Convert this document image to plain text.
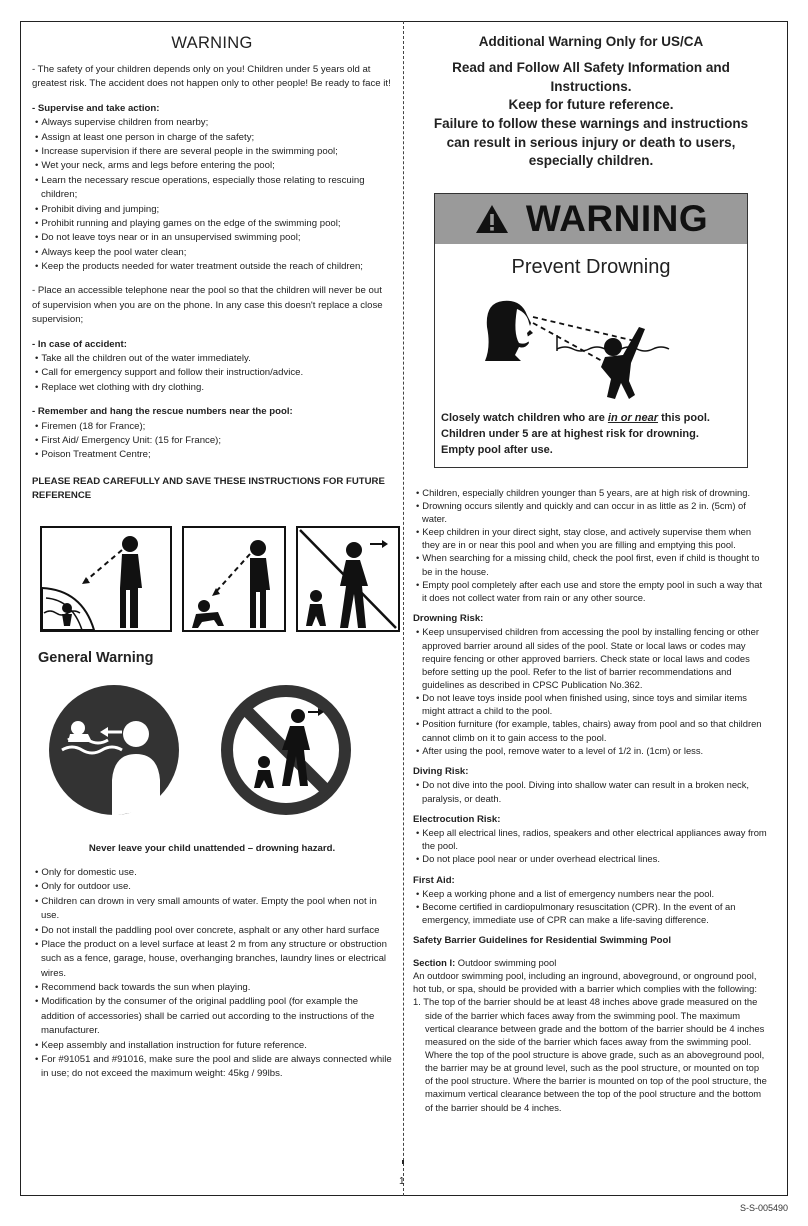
WARNING

- The safety of your children depends only on you! Children under 5 years old at greatest risk. The accident does not happen only to other people! Be ready to face it!

- Supervise and take action:

• Always supervise children from nearby;
• Assign at least one person in charge of the safety;
• Increase supervision if there are several people in the swimming pool;
• Wet your neck, arms and legs before entering the pool;
• Learn the necessary rescue operations, especially those relating to rescuing children;
• Prohibit diving and jumping;
• Prohibit running and playing games on the edge of the swimming pool;
• Do not leave toys near or in an unsupervised swimming pool;
• Always keep the pool water clean;
• Keep the products needed for water treatment outside the reach of children;

- Place an accessible telephone near the pool so that the children will never be out of supervision when you are on the phone. In any case this doesn't replace a close supervision;

- In case of accident:

• Take all the children out of the water immediately.
• Call for emergency support and follow their instruction/advice.
• Replace wet clothing with dry clothing.

- Remember and hang the rescue numbers near the pool:

• Firemen (18 for France);
• First Aid/ Emergency Unit: (15 for France);
• Poison Treatment Centre;

PLEASE READ CAREFULLY AND SAVE THESE INSTRUCTIONS FOR FUTURE REFERENCE

General Warning

Never leave your child unattended – drowning hazard.

• Only for domestic use.
• Only for outdoor use.
• Children can drown in very small amounts of water. Empty the pool when not in use.
• Do not install the paddling pool over concrete, asphalt or any other hard surface
• Place the product on a level surface at least 2 m from any structure or obstruction such as a fence, garage, house, overhanging branches, laundry lines or electrical wires.
• Recommend back towards the sun when playing.
• Modification by the consumer of the original paddling pool (for example the addition of accessories) shall be carried out according to the instructions of the manufacturer.
• Keep assembly and installation instruction for future reference.
• For #91051 and #91016, make sure the pool and slide are always connected while in use; do not exceed the maximum weight: 45kg / 99lbs.
Additional Warning Only for US/CA

Read and Follow All Safety Information and

Instructions.

Keep for future reference.

Failure to follow these warnings and instructions

can result in serious injury or death to users,

especially children.

WARNING
Prevent Drowning
Closely watch children who are in or near this pool.
Children under 5 are at highest risk for drowning.
Empty pool after use.
• Children, especially children younger than 5 years, are at high risk of drowning.
• Drowning occurs silently and quickly and can occur in as little as 2 in. (5cm) of water.
• Keep children in your direct sight, stay close, and actively supervise them when they are in or near this pool and when you are filling and emptying this pool.
• When searching for a missing child, check the pool first, even if child is thought to be in the house.
• Empty pool completely after each use and store the empty pool in such a way that it does not collect water from rain or any other source.

Drowning Risk:

• Keep unsupervised children from accessing the pool by installing fencing or other approved barrier around all sides of the pool. State or local laws or codes may require fencing or other approved barriers. Check state or local laws and codes before setting up the pool. Refer to the list of barrier recommendations and guidelines as described in CPSC Publication No.362.
• Do not leave toys inside pool when finished using, since toys and similar items might attract a child to the pool.
• Position furniture (for example, tables, chairs) away from pool and so that children cannot climb on it to gain access to the pool.
• After using the pool, remove water to a level of 1/2 in. (1cm) or less.

Diving Risk:

• Do not dive into the pool. Diving into shallow water can result in a broken neck, paralysis, or death.

Electrocution Risk:

• Keep all electrical lines, radios, speakers and other electrical appliances away from the pool.
• Do not place pool near or under overhead electrical lines.

First Aid:

• Keep a working phone and a list of emergency numbers near the pool.
• Become certified in cardiopulmonary resuscitation (CPR). In the event of an emergency, immediate use of CPR can make a life-saving difference.

Safety Barrier Guidelines for Residential Swimming Pool

Section I: Outdoor swimming pool

An outdoor swimming pool, including an inground, aboveground, or onground pool, hot tub, or spa, should be provided with a barrier which complies with the following:

1. The top of the barrier should be at least 48 inches above grade measured on the side of the barrier which faces away from the swimming pool. The maximum vertical clearance between grade and the bottom of the barrier should be 4 inches measured on the side of the barrier which faces away from the swimming pool. Where the top of the pool structure is above grade, such as an aboveground pool, the barrier may be at ground level, such as the pool structure, or mounted on top of the pool structure. Where the barrier is mounted on top of the pool structure, the maximum vertical clearance between the top of the pool structure and the bottom of the barrier should be 4 inches.
1
S-S-005490
